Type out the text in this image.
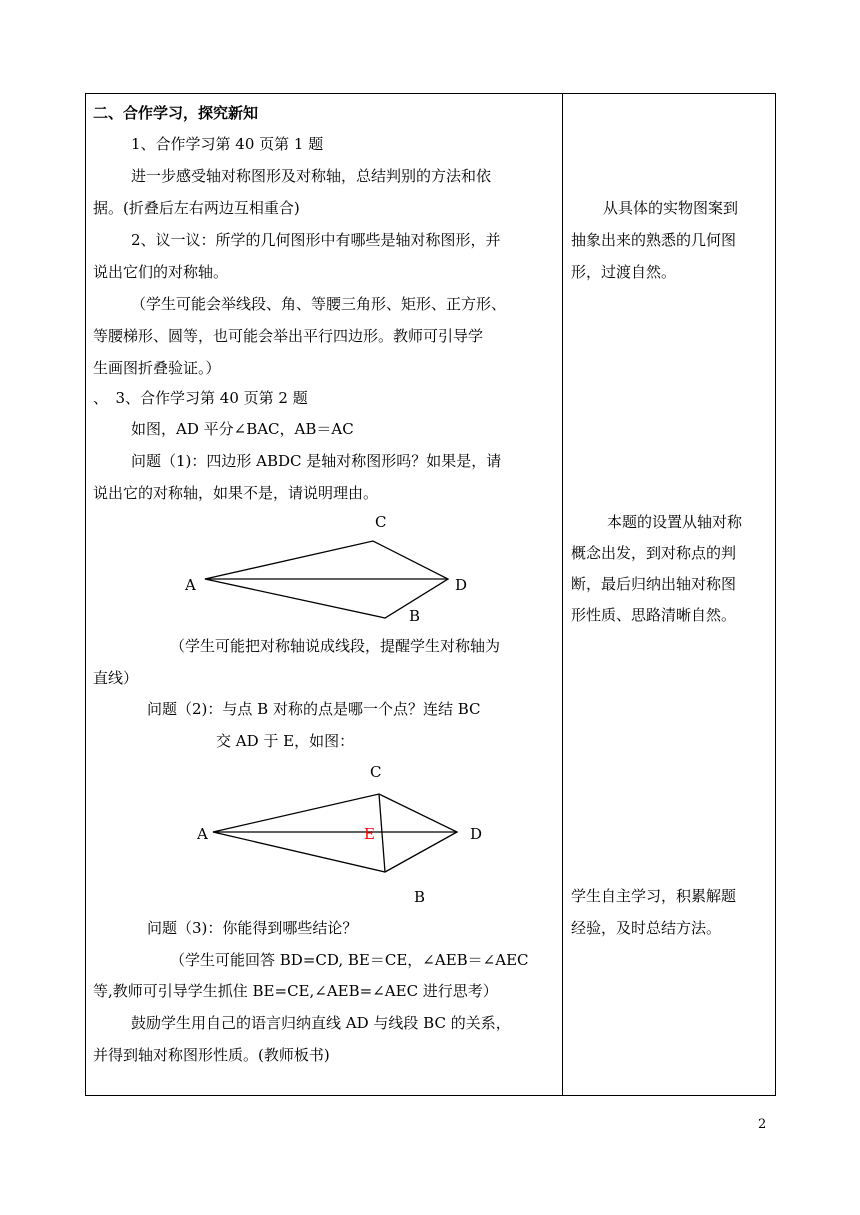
二、合作学习，探究新知
1、合作学习第 40 页第 1 题
进一步感受轴对称图形及对称轴，总结判别的方法和依
据。(折叠后左右两边互相重合)
2、议一议：所学的几何图形中有哪些是轴对称图形，并
说出它们的对称轴。
（学生可能会举线段、角、等腰三角形、矩形、正方形、
等腰梯形、圆等，也可能会举出平行四边形。教师可引导学
生画图折叠验证。）
、　3、合作学习第 40 页第 2 题
如图，AD 平分∠BAC，AB＝AC
问题（1)：四边形 ABDC 是轴对称图形吗？如果是，请
说出它的对称轴，如果不是，请说明理由。
C
A	D
B
（学生可能把对称轴说成线段，提醒学生对称轴为
直线）
问题（2)：与点 B 对称的点是哪一个点？连结 BC
交 AD 于 E，如图：
C
A	E	D
B
问题（3)：你能得到哪些结论？
（学生可能回答 BD=CD, BE＝CE，∠AEB＝∠AEC
等,教师可引导学生抓住 BE=CE,∠AEB=∠AEC 进行思考）
鼓励学生用自己的语言归纳直线 AD 与线段 BC 的关系，
并得到轴对称图形性质。(教师板书)
从具体的实物图案到
抽象出来的熟悉的几何图
形，过渡自然。
本题的设置从轴对称
概念出发，到对称点的判
断，最后归纳出轴对称图
形性质、思路清晰自然。
学生自主学习，积累解题
经验，及时总结方法。
2
